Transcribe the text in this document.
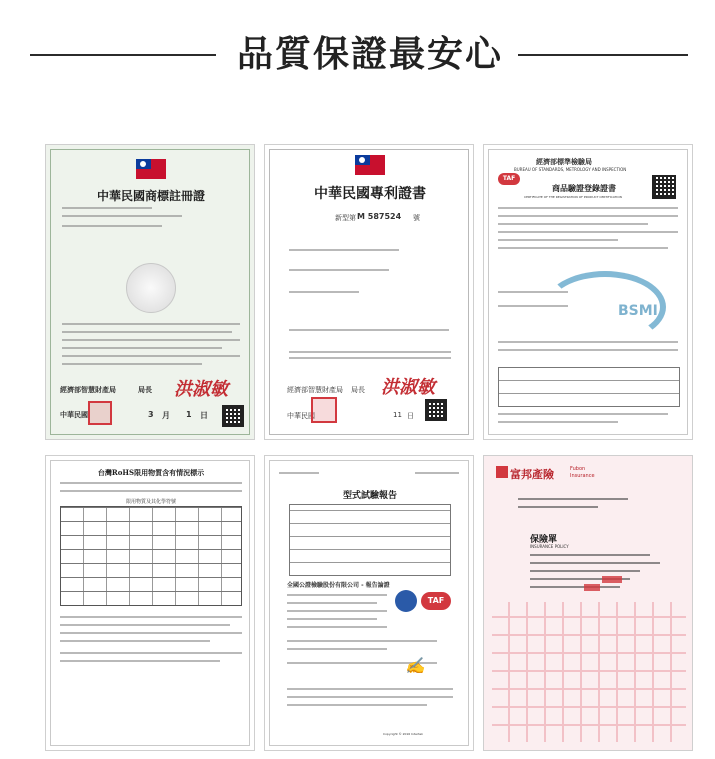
品質保證最安心
中華民國商標註冊證
經濟部智慧財產局	局長 洪淑敏
中華民國	3 月 1 日
中華民國專利證書
新型第 M 587524 號
經濟部智慧財產局 局長 洪淑敏
中華民國	11 日
經濟部標準檢驗局
BUREAU OF STANDARDS, METROLOGY AND INSPECTION
TAF
商品驗證登錄證書
CERTIFICATE OF THE REGISTRATION OF PRODUCT CERTIFICATION
BSMI
台灣RoHS限用物質含有情況標示
限用物質及其化學符號
型式試驗報告
全國公證檢驗股份有限公司 - 報告論證
TAF
✍
Copyright © 2016 Intertek
富邦產險	Fubon
Insurance
保險單
INSURANCE POLICY
